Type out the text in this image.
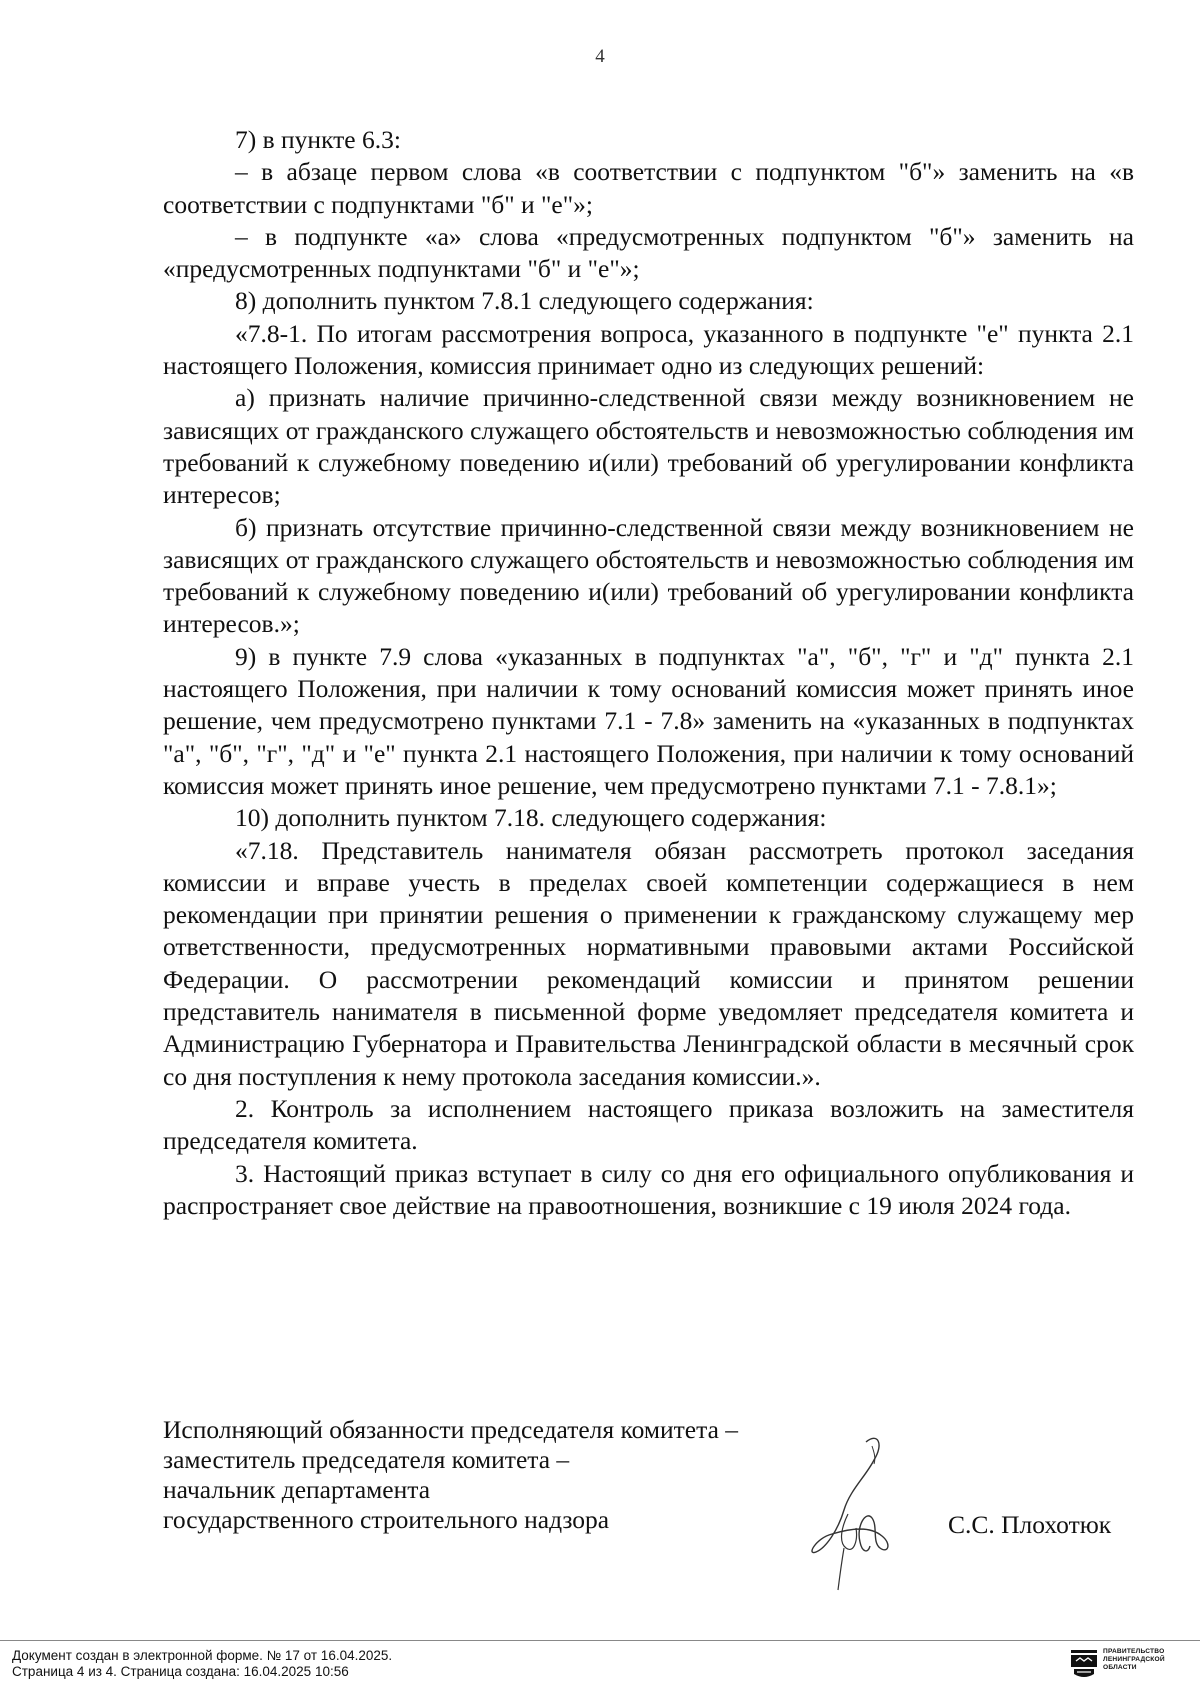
4

7) в пункте 6.3:

– в абзаце первом слова «в соответствии с подпунктом "б"» заменить на «в соответствии с подпунктами "б" и "е"»;

– в подпункте «а» слова «предусмотренных подпунктом "б"» заменить на «предусмотренных подпунктами "б" и "е"»;

8) дополнить пунктом 7.8.1 следующего содержания:

«7.8-1. По итогам рассмотрения вопроса, указанного в подпункте "е" пункта 2.1 настоящего Положения, комиссия принимает одно из следующих решений:

а) признать наличие причинно-следственной связи между возникновением не зависящих от гражданского служащего обстоятельств и невозможностью соблюдения им требований к служебному поведению и(или) требований об урегулировании конфликта интересов;

б) признать отсутствие причинно-следственной связи между возникновением не зависящих от гражданского служащего обстоятельств и невозможностью соблюдения им требований к служебному поведению и(или) требований об урегулировании конфликта интересов.»;

9) в пункте 7.9 слова «указанных в подпунктах "а", "б", "г" и "д" пункта 2.1 настоящего Положения, при наличии к тому оснований комиссия может принять иное решение, чем предусмотрено пунктами 7.1 - 7.8» заменить на «указанных в подпунктах "а", "б", "г", "д" и "е" пункта 2.1 настоящего Положения, при наличии к тому оснований комиссия может принять иное решение, чем предусмотрено пунктами 7.1 - 7.8.1»;

10) дополнить пунктом 7.18. следующего содержания:

«7.18. Представитель нанимателя обязан рассмотреть протокол заседания комиссии и вправе учесть в пределах своей компетенции содержащиеся в нем рекомендации при принятии решения о применении к гражданскому служащему мер ответственности, предусмотренных нормативными правовыми актами Российской Федерации. О рассмотрении рекомендаций комиссии и принятом решении представитель нанимателя в письменной форме уведомляет председателя комитета и Администрацию Губернатора и Правительства Ленинградской области в месячный срок со дня поступления к нему протокола заседания комиссии.».

2. Контроль за исполнением настоящего приказа возложить на заместителя председателя комитета.

3. Настоящий приказ вступает в силу со дня его официального опубликования и распространяет свое действие на правоотношения, возникшие с 19 июля 2024 года.

Исполняющий обязанности председателя комитета –
заместитель председателя комитета –
начальник департамента
государственного строительного надзора	С.С. Плохотюк
Документ создан в электронной форме. № 17 от 16.04.2025.
Страница 4 из 4. Страница создана: 16.04.2025 10:56
ПРАВИТЕЛЬСТВО
ЛЕНИНГРАДСКОЙ
ОБЛАСТИ
